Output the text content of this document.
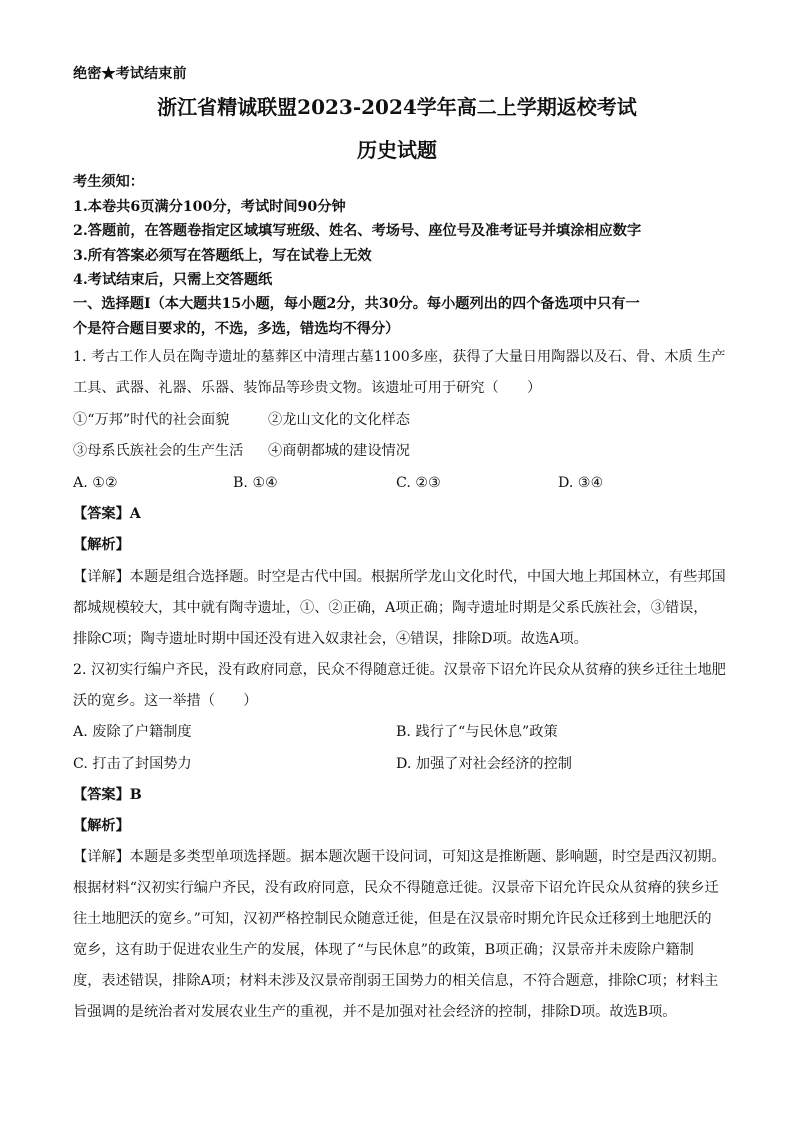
绝密★考试结束前
浙江省精诚联盟2023-2024学年高二上学期返校考试
历史试题
考生须知：
1.本卷共6页满分100分，考试时间90分钟
2.答题前，在答题卷指定区域填写班级、姓名、考场号、座位号及准考证号并填涂相应数字
3.所有答案必须写在答题纸上，写在试卷上无效
4.考试结束后，只需上交答题纸
一、选择题Ⅰ（本大题共15小题，每小题2分，共30分。每小题列出的四个备选项中只有一
个是符合题目要求的，不选，多选，错选均不得分）
1. 考古工作人员在陶寺遗址的墓葬区中清理古墓1100多座，获得了大量日用陶器以及石、骨、木质 生产
工具、武器、礼器、乐器、装饰品等珍贵文物。该遗址可用于研究（　　）
①“万邦”时代的社会面貌	②龙山文化的文化样态
③母系氏族社会的生产生活 ④商朝都城的建设情况
A. ①②	B. ①④	C. ②③	D. ③④
【答案】A
【解析】
【详解】本题是组合选择题。时空是古代中国。根据所学龙山文化时代，中国大地上邦国林立，有些邦国
都城规模较大，其中就有陶寺遗址，①、②正确，A项正确；陶寺遗址时期是父系氏族社会，③错误，
排除C项；陶寺遗址时期中国还没有进入奴隶社会，④错误，排除D项。故选A项。
2. 汉初实行编户齐民，没有政府同意，民众不得随意迁徙。汉景帝下诏允许民众从贫瘠的狭乡迁往土地肥
沃的宽乡。这一举措（　　）
A. 废除了户籍制度	B. 践行了“与民休息”政策
C. 打击了封国势力	D. 加强了对社会经济的控制
【答案】B
【解析】
【详解】本题是多类型单项选择题。据本题次题干设问词，可知这是推断题、影响题，时空是西汉初期。
根据材料“汉初实行编户齐民，没有政府同意，民众不得随意迁徙。汉景帝下诏允许民众从贫瘠的狭乡迁
往土地肥沃的宽乡。”可知，汉初严格控制民众随意迁徙，但是在汉景帝时期允许民众迁移到土地肥沃的
宽乡，这有助于促进农业生产的发展，体现了“与民休息”的政策，B项正确；汉景帝并未废除户籍制
度，表述错误，排除A项；材料未涉及汉景帝削弱王国势力的相关信息，不符合题意，排除C项；材料主
旨强调的是统治者对发展农业生产的重视，并不是加强对社会经济的控制，排除D项。故选B项。
